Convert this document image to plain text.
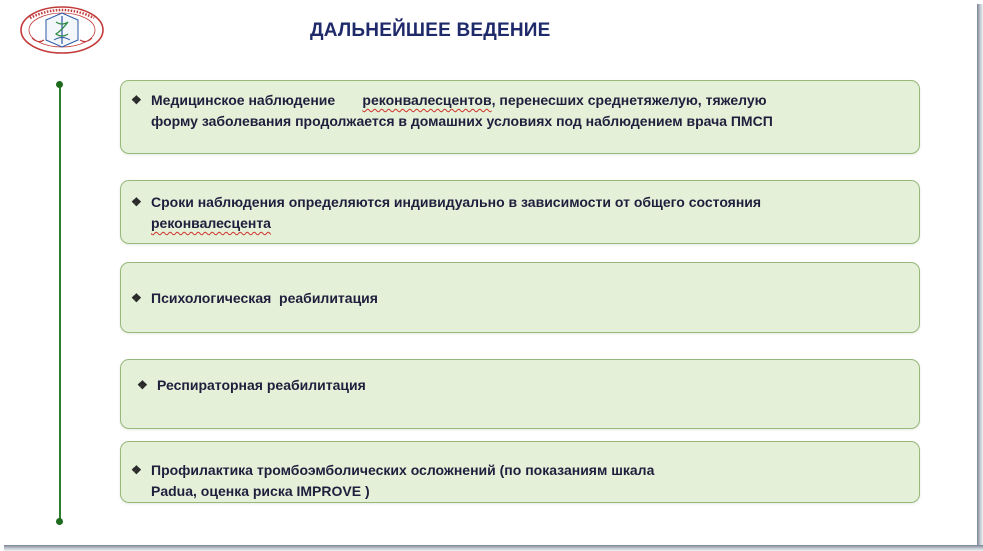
ДАЛЬНЕЙШЕЕ ВЕДЕНИЕ
❖ Медицинское наблюдение реконвалесцентов, перенесших среднетяжелую, тяжелую
форму заболевания продолжается в домашних условиях под наблюдением врача ПМСП
❖ Сроки наблюдения определяются индивидуально в зависимости от общего состояния
реконвалесцента
❖ Психологическая  реабилитация
❖ Респираторная реабилитация
❖ Профилактика тромбоэмболических осложнений (по показаниям шкала
Padua, оценка риска IMPROVE )
